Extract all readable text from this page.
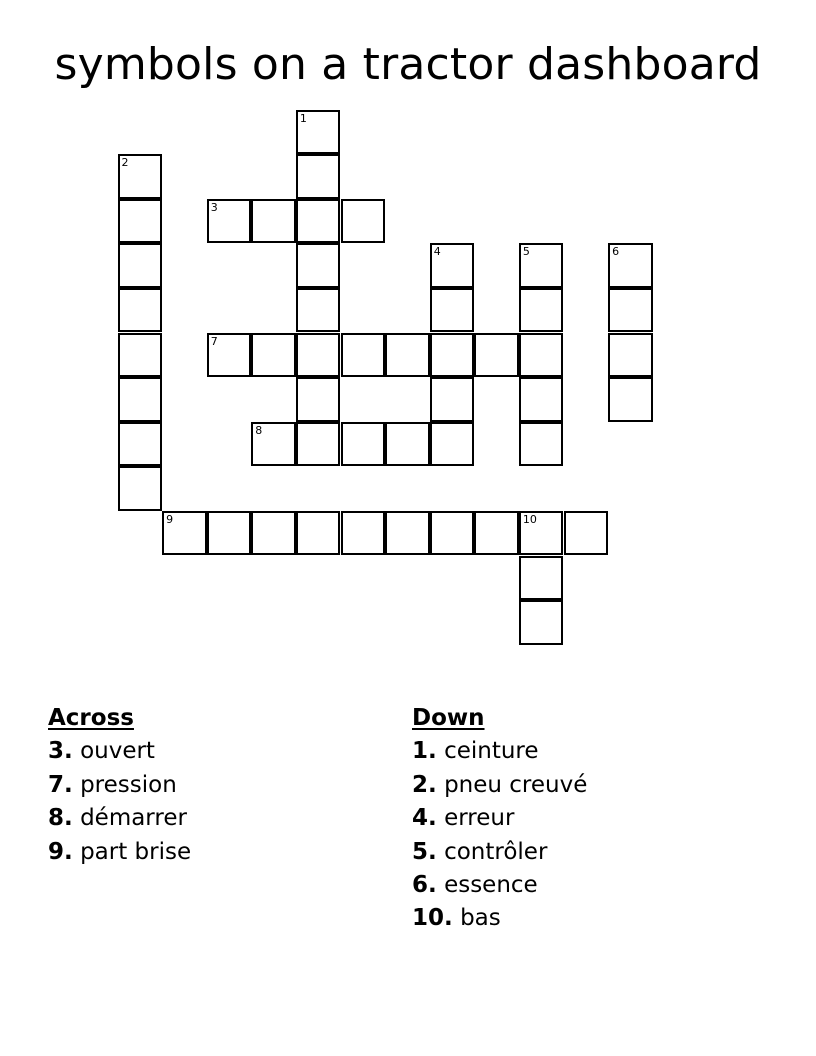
symbols on a tractor dashboard
1
2
3
4	5	6
7
8
9	10
Across
3. ouvert
7. pression
8. démarrer
9. part brise
Down
1. ceinture
2. pneu creuvé
4. erreur
5. contrôler
6. essence
10. bas
